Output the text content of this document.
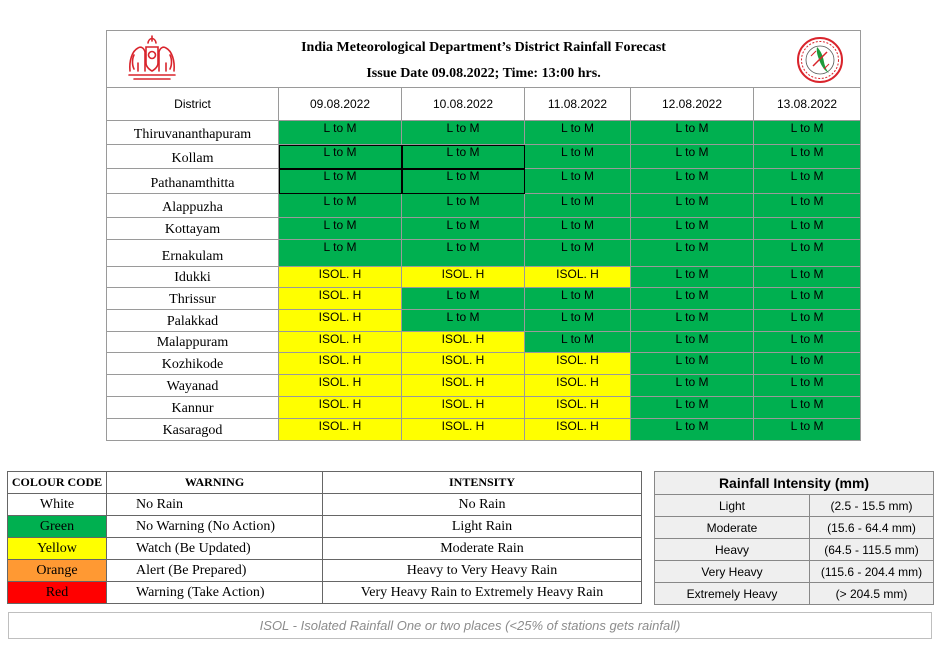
India Meteorological Department’s District Rainfall Forecast
Issue Date 09.08.2022; Time: 13:00 hrs.					

District	09.08.2022	10.08.2022	11.08.2022	12.08.2022	13.08.2022
Thiruvananthapuram	L to M	L to M	L to M	L to M	L to M
Kollam	L to M	L to M	L to M	L to M	L to M
Pathanamthitta	L to M	L to M	L to M	L to M	L to M
Alappuzha	L to M	L to M	L to M	L to M	L to M
Kottayam	L to M	L to M	L to M	L to M	L to M
Ernakulam	L to M	L to M	L to M	L to M	L to M
Idukki	ISOL. H	ISOL. H	ISOL. H	L to M	L to M
Thrissur	ISOL. H	L to M	L to M	L to M	L to M
Palakkad	ISOL. H	L to M	L to M	L to M	L to M
Malappuram	ISOL. H	ISOL. H	L to M	L to M	L to M
Kozhikode	ISOL. H	ISOL. H	ISOL. H	L to M	L to M
Wayanad	ISOL. H	ISOL. H	ISOL. H	L to M	L to M
Kannur	ISOL. H	ISOL. H	ISOL. H	L to M	L to M
Kasaragod	ISOL. H	ISOL. H	ISOL. H	L to M	L to M
COLOUR CODE	WARNING	INTENSITY
White	No Rain	No Rain
Green	No Warning (No Action)	Light Rain
Yellow	Watch (Be Updated)	Moderate Rain
Orange	Alert (Be Prepared)	Heavy to Very Heavy Rain
Red	Warning (Take Action)	Very Heavy Rain to Extremely Heavy Rain
Rainfall Intensity (mm)	
Light	(2.5 - 15.5 mm)
Moderate	(15.6 - 64.4 mm)
Heavy	(64.5 - 115.5 mm)
Very Heavy	(115.6 - 204.4 mm)
Extremely Heavy	(> 204.5 mm)
ISOL - Isolated Rainfall One or two places (<25% of stations gets rainfall)
